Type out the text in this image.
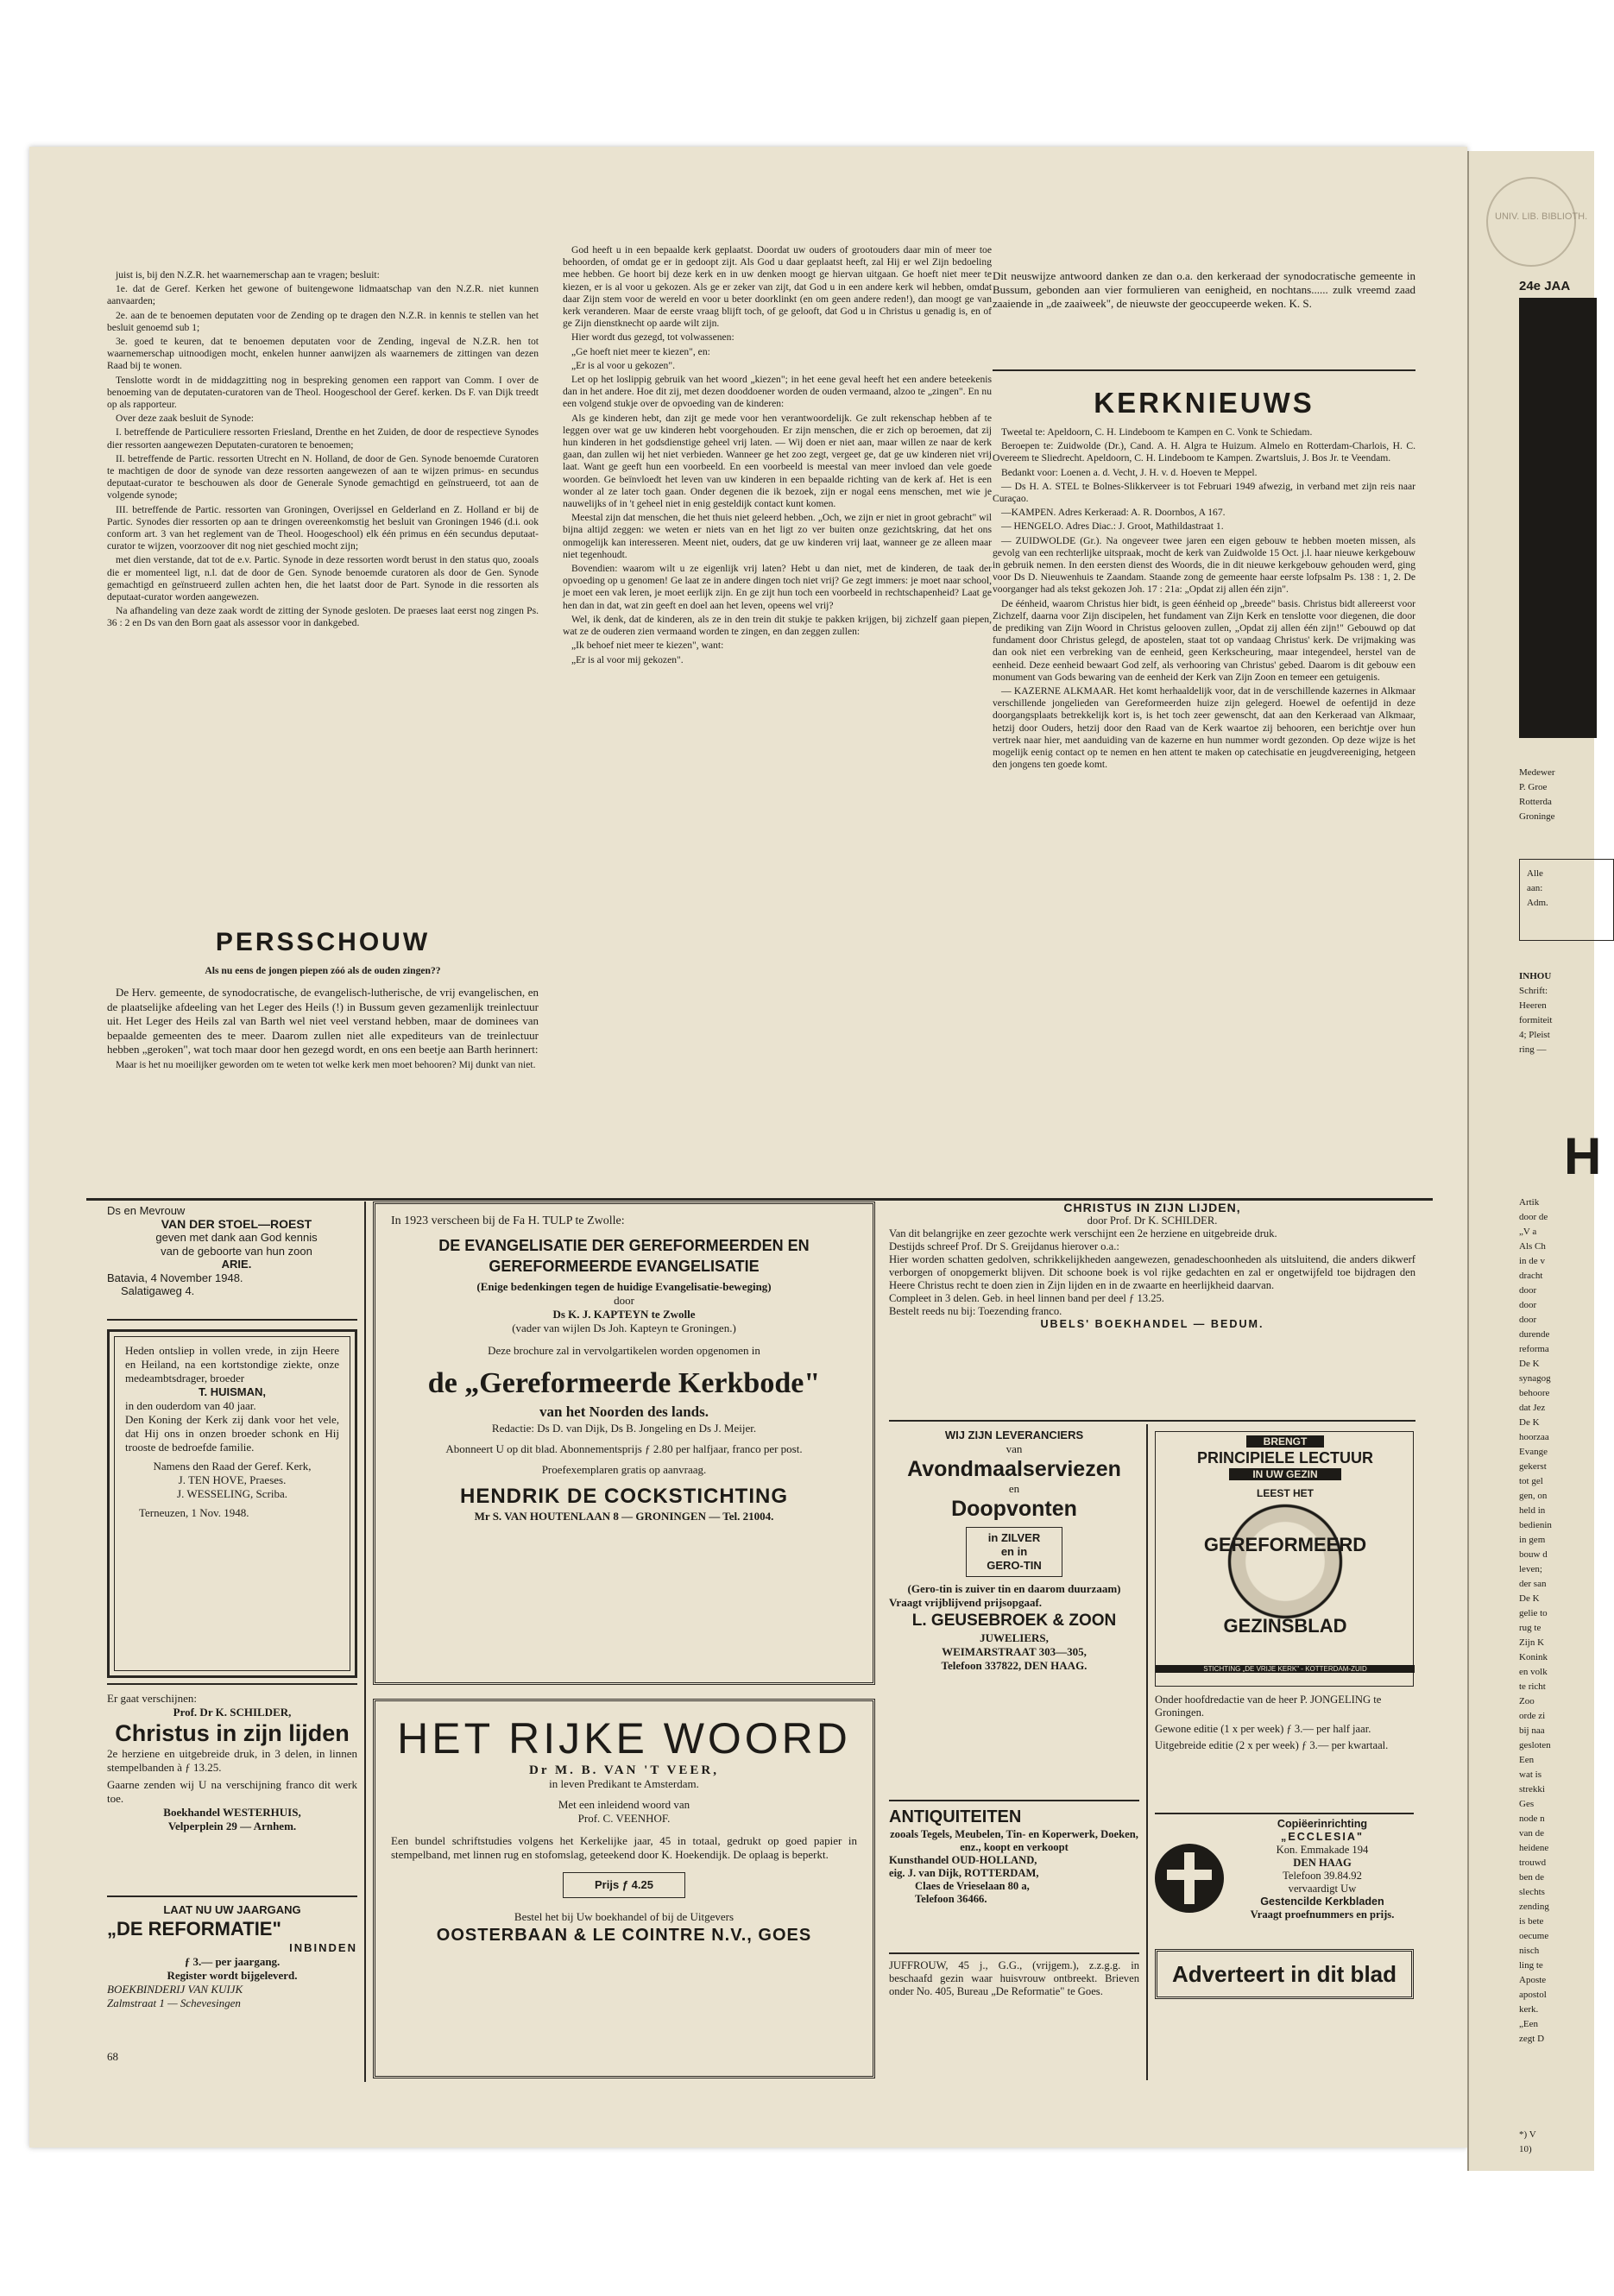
UNIV. LIB. BIBLIOTH.
24e JAA
Medewer
P. Groe
Rotterda
Groninge
Alle
aan:
Adm.
INHOU
Schrift:
Heeren
formiteit
4; Pleist
ring —
H
Artik
door de
„V a
Als Ch
in de v
dracht
door
door
door
durende
reforma
De K
synagog
behoore
dat Jez
De K
hoorzaa
Evange
gekerst
tot gel
gen, on
held in
bedienin
in gem
bouw d
leven;
der san
De K
gelie to
rug te
Zijn K
Konink
en volk
te richt
Zoo
orde zi
bij naa
gesloten
Een
wat is
strekki
Ges
node n
van de
heidene
trouwd
ben de
slechts
zending
is bete
oecume
nisch
ling te
Aposte
apostol
kerk.
„Een
zegt D
*) V
10)

juist is, bij den N.Z.R. het waarnemerschap aan te vragen; besluit:

1e. dat de Geref. Kerken het gewone of buitengewone lidmaatschap van den N.Z.R. niet kunnen aanvaarden;

2e. aan de te benoemen deputaten voor de Zending op te dragen den N.Z.R. in kennis te stellen van het besluit genoemd sub 1;

3e. goed te keuren, dat te benoemen deputaten voor de Zending, ingeval de N.Z.R. hen tot waarnemerschap uitnoodigen mocht, enkelen hunner aanwijzen als waarnemers de zittingen van dezen Raad bij te wonen.

Tenslotte wordt in de middagzitting nog in bespreking genomen een rapport van Comm. I over de benoeming van de deputaten-curatoren van de Theol. Hoogeschool der Geref. kerken. Ds F. van Dijk treedt op als rapporteur.

Over deze zaak besluit de Synode:

I. betreffende de Particuliere ressorten Friesland, Drenthe en het Zuiden, de door de respectieve Synodes dier ressorten aangewezen Deputaten-curatoren te benoemen;

II. betreffende de Partic. ressorten Utrecht en N. Holland, de door de Gen. Synode benoemde Curatoren te machtigen de door de synode van deze ressorten aangewezen of aan te wijzen primus- en secundus deputaat-curator te beschouwen als door de Generale Synode gemachtigd en geïnstrueerd, tot aan de volgende synode;

III. betreffende de Partic. ressorten van Groningen, Overijssel en Gelderland en Z. Holland er bij de Partic. Synodes dier ressorten op aan te dringen overeenkomstig het besluit van Groningen 1946 (d.i. ook conform art. 3 van het reglement van de Theol. Hoogeschool) elk één primus en één secundus deputaat-curator te wijzen, voorzoover dit nog niet geschied mocht zijn;

met dien verstande, dat tot de e.v. Partic. Synode in deze ressorten wordt berust in den status quo, zooals die er momenteel ligt, n.l. dat de door de Gen. Synode benoemde curatoren als door de Gen. Synode gemachtigd en geïnstrueerd zullen achten hen, die het laatst door de Part. Synode in die ressorten als deputaat-curator worden aangewezen.

Na afhandeling van deze zaak wordt de zitting der Synode gesloten. De praeses laat eerst nog zingen Ps. 36 : 2 en Ds van den Born gaat als assessor voor in dankgebed.

PERSSCHOUW
Als nu eens de jongen piepen zóó als de ouden zingen??

De Herv. gemeente, de synodocratische, de evangelisch-lutherische, de vrij evangelischen, en de plaatselijke afdeeling van het Leger des Heils (!) in Bussum geven gezamenlijk treinlectuur uit. Het Leger des Heils zal van Barth wel niet veel verstand hebben, maar de dominees van bepaalde gemeenten des te meer. Daarom zullen niet alle expediteurs van de treinlectuur hebben „geroken", wat toch maar door hen gezegd wordt, en ons een beetje aan Barth herinnert:

Maar is het nu moeilijker geworden om te weten tot welke kerk men moet behooren? Mij dunkt van niet.

God heeft u in een bepaalde kerk geplaatst. Doordat uw ouders of grootouders daar min of meer toe behoorden, of omdat ge er in gedoopt zijt. Als God u daar geplaatst heeft, zal Hij er wel Zijn bedoeling mee hebben. Ge hoort bij deze kerk en in uw denken moogt ge hiervan uitgaan. Ge hoeft niet meer te kiezen, er is al voor u gekozen. Als ge er zeker van zijt, dat God u in een andere kerk wil hebben, omdat daar Zijn stem voor de wereld en voor u beter doorklinkt (en om geen andere reden!), dan moogt ge van kerk veranderen. Maar de eerste vraag blijft toch, of ge gelooft, dat God u in Christus u genadig is, en of ge Zijn dienstknecht op aarde wilt zijn.

Hier wordt dus gezegd, tot volwassenen:

„Ge hoeft niet meer te kiezen", en:

„Er is al voor u gekozen".

Let op het loslippig gebruik van het woord „kiezen"; in het eene geval heeft het een andere beteekenis dan in het andere. Hoe dit zij, met dezen dooddoener worden de ouden vermaand, alzoo te „zingen". En nu een volgend stukje over de opvoeding van de kinderen:

Als ge kinderen hebt, dan zijt ge mede voor hen verantwoordelijk. Ge zult rekenschap hebben af te leggen over wat ge uw kinderen hebt voorgehouden. Er zijn menschen, die er zich op beroemen, dat zij hun kinderen in het godsdienstige geheel vrij laten. — Wij doen er niet aan, maar willen ze naar de kerk gaan, dan zullen wij het niet verbieden. Wanneer ge het zoo zegt, vergeet ge, dat ge uw kinderen niet vrij laat. Want ge geeft hun een voorbeeld. En een voorbeeld is meestal van meer invloed dan vele goede woorden. Ge beïnvloedt het leven van uw kinderen in een bepaalde richting van de kerk af. Het is een wonder al ze later toch gaan. Onder degenen die ik bezoek, zijn er nogal eens menschen, met wie je nauwelijks of in 't geheel niet in enig gesteldijk contact kunt komen.

Meestal zijn dat menschen, die het thuis niet geleerd hebben. „Och, we zijn er niet in groot gebracht" wil bijna altijd zeggen: we weten er niets van en het ligt zo ver buiten onze gezichtskring, dat het ons onmogelijk kan interesseren. Meent niet, ouders, dat ge uw kinderen vrij laat, wanneer ge ze alleen maar niet tegenhoudt.

Bovendien: waarom wilt u ze eigenlijk vrij laten? Hebt u dan niet, met de kinderen, de taak der opvoeding op u genomen! Ge laat ze in andere dingen toch niet vrij? Ge zegt immers: je moet naar school, je moet een vak leren, je moet eerlijk zijn. En ge zijt hun toch een voorbeeld in rechtschapenheid? Laat ge hen dan in dat, wat zin geeft en doel aan het leven, opeens wel vrij?

Wel, ik denk, dat de kinderen, als ze in den trein dit stukje te pakken krijgen, bij zichzelf gaan piepen, wat ze de ouderen zien vermaand worden te zingen, en dan zeggen zullen:

„Ik behoef niet meer te kiezen", want:

„Er is al voor mij gekozen".

Dit neuswijze antwoord danken ze dan o.a. den kerkeraad der synodocratische gemeente in Bussum, gebonden aan vier formulieren van eenigheid, en nochtans...... zulk vreemd zaad zaaiende in „de zaaiweek", de nieuwste der geoccupeerde weken. K. S.
KERKNIEUWS

Tweetal te: Apeldoorn, C. H. Lindeboom te Kampen en C. Vonk te Schiedam.

Beroepen te: Zuidwolde (Dr.), Cand. A. H. Algra te Huizum. Almelo en Rotterdam-Charlois, H. C. Overeem te Sliedrecht. Apeldoorn, C. H. Lindeboom te Kampen. Zwartsluis, J. Bos Jr. te Veendam.

Bedankt voor: Loenen a. d. Vecht, J. H. v. d. Hoeven te Meppel.

— Ds H. A. STEL te Bolnes-Slikkerveer is tot Februari 1949 afwezig, in verband met zijn reis naar Curaçao.

—KAMPEN. Adres Kerkeraad: A. R. Doornbos, A 167.

— HENGELO. Adres Diac.: J. Groot, Mathildastraat 1.

— ZUIDWOLDE (Gr.). Na ongeveer twee jaren een eigen gebouw te hebben moeten missen, als gevolg van een rechterlijke uitspraak, mocht de kerk van Zuidwolde 15 Oct. j.l. haar nieuwe kerkgebouw in gebruik nemen. In den eersten dienst des Woords, die in dit nieuwe kerkgebouw gehouden werd, ging voor Ds D. Nieuwenhuis te Zaandam. Staande zong de gemeente haar eerste lofpsalm Ps. 138 : 1, 2. De voorganger had als tekst gekozen Joh. 17 : 21a: „Opdat zij allen één zijn".

De éénheid, waarom Christus hier bidt, is geen éénheid op „breede" basis. Christus bidt allereerst voor Zichzelf, daarna voor Zijn discipelen, het fundament van Zijn Kerk en tenslotte voor diegenen, die door de prediking van Zijn Woord in Christus gelooven zullen, „Opdat zij allen één zijn!" Gebouwd op dat fundament door Christus gelegd, de apostelen, staat tot op vandaag Christus' kerk. De vrijmaking was dan ook niet een verbreking van de eenheid, geen Kerkscheuring, maar integendeel, herstel van de eenheid. Deze eenheid bewaart God zelf, als verhooring van Christus' gebed. Daarom is dit gebouw een monument van Gods bewaring van de eenheid der Kerk van Zijn Zoon en temeer een getuigenis.

— KAZERNE ALKMAAR. Het komt herhaaldelijk voor, dat in de verschillende kazernes in Alkmaar verschillende jongelieden van Gereformeerden huize zijn gelegerd. Hoewel de oefentijd in deze doorgangsplaats betrekkelijk kort is, is het toch zeer gewenscht, dat aan den Kerkeraad van Alkmaar, hetzij door Ouders, hetzij door den Raad van de Kerk waartoe zij behooren, een berichtje over hun vertrek naar hier, met aanduiding van de kazerne en hun nummer wordt gezonden. Op deze wijze is het mogelijk eenig contact op te nemen en hen attent te maken op catechisatie en jeugdvereeniging, hetgeen den jongens ten goede komt.

Ds en Mevrouw
VAN DER STOEL—ROEST
geven met dank aan God kennis
van de geboorte van hun zoon
ARIE.
Batavia, 4 November 1948.
Salatigaweg 4.
Heden ontsliep in vollen vrede, in zijn Heere en Heiland, na een kortstondige ziekte, onze medeambtsdrager, broeder
T. HUISMAN,
in den ouderdom van 40 jaar.
Den Koning der Kerk zij dank voor het vele, dat Hij ons in onzen broeder schonk en Hij trooste de bedroefde familie.
Namens den Raad der Geref. Kerk,
J. TEN HOVE, Praeses.
J. WESSELING, Scriba.
Terneuzen, 1 Nov. 1948.
Er gaat verschijnen:
Prof. Dr K. SCHILDER,
Christus in zijn lijden
2e herziene en uitgebreide druk, in 3 delen, in linnen stempelbanden à ƒ 13.25.
Gaarne zenden wij U na verschijning franco dit werk toe.
Boekhandel WESTERHUIS,
Velperplein 29 — Arnhem.
LAAT NU UW JAARGANG
„DE REFORMATIE"
INBINDEN
ƒ 3.— per jaargang.
Register wordt bijgeleverd.
BOEKBINDERIJ VAN KUIJK
Zalmstraat 1 — Schevesingen
68
In 1923 verscheen bij de Fa H. TULP te Zwolle:
DE EVANGELISATIE DER GEREFORMEERDEN EN GEREFORMEERDE EVANGELISATIE
(Enige bedenkingen tegen de huidige Evangelisatie-beweging)
door
Ds K. J. KAPTEYN te Zwolle
(vader van wijlen Ds Joh. Kapteyn te Groningen.)
Deze brochure zal in vervolgartikelen worden opgenomen in
de „Gereformeerde Kerkbode"
van het Noorden des lands.
Redactie: Ds D. van Dijk, Ds B. Jongeling en Ds J. Meijer.
Abonneert U op dit blad. Abonnementsprijs ƒ 2.80 per halfjaar, franco per post.
Proefexemplaren gratis op aanvraag.
HENDRIK DE COCKSTICHTING
Mr S. VAN HOUTENLAAN 8 — GRONINGEN — Tel. 21004.
HET RIJKE WOORD
Dr M. B. VAN 'T VEER,
in leven Predikant te Amsterdam.
Met een inleidend woord van
Prof. C. VEENHOF.
Een bundel schriftstudies volgens het Kerkelijke jaar, 45 in totaal, gedrukt op goed papier in stempelband, met linnen rug en stofomslag, geteekend door K. Hoekendijk. De oplaag is beperkt.
Prijs ƒ 4.25
Bestel het bij Uw boekhandel of bij de Uitgevers
OOSTERBAAN & LE COINTRE N.V., GOES
CHRISTUS IN ZIJN LIJDEN,
door Prof. Dr K. SCHILDER.
Van dit belangrijke en zeer gezochte werk verschijnt een 2e herziene en uitgebreide druk.
Destijds schreef Prof. Dr S. Greijdanus hierover o.a.:
Hier worden schatten gedolven, schrikkelijkheden aangewezen, genadeschoonheden als uitsluitend, die anders dikwerf verborgen of onopgemerkt blijven. Dit schoone boek is vol rijke gedachten en zal er ongetwijfeld toe bijdragen den Heere Christus recht te doen zien in Zijn lijden en in de zwaarte en heerlijkheid daarvan.
Compleet in 3 delen. Geb. in heel linnen band per deel ƒ 13.25.
Bestelt reeds nu bij: Toezending franco.
UBELS' BOEKHANDEL — BEDUM.
WIJ ZIJN LEVERANCIERS
van
Avondmaalserviezen
en
Doopvonten
in ZILVER
en in
GERO-TIN
(Gero-tin is zuiver tin en daarom duurzaam)
Vraagt vrijblijvend prijsopgaaf.
L. GEUSEBROEK & ZOON
JUWELIERS,
WEIMARSTRAAT 303—305,
Telefoon 337822, DEN HAAG.
ANTIQUITEITEN
zooals Tegels, Meubelen, Tin- en Koperwerk, Doeken, enz., koopt en verkoopt
Kunsthandel OUD-HOLLAND,
eig. J. van Dijk, ROTTERDAM,
Claes de Vrieselaan 80 a,
Telefoon 36466.
JUFFROUW, 45 j., G.G., (vrijgem.), z.z.g.g. in beschaafd gezin waar huisvrouw ontbreekt. Brieven onder No. 405, Bureau „De Reformatie" te Goes.
BRENGT
PRINCIPIELE LECTUUR
IN UW GEZIN
LEEST HET
GEREFORMEERD
GEZINSBLAD
STICHTING „DE VRIJE KERK" - KOTTERDAM-ZUID
Onder hoofdredactie van de heer P. JONGELING te Groningen.
Gewone editie (1 x per week) ƒ 3.— per half jaar.
Uitgebreide editie (2 x per week) ƒ 3.— per kwartaal.
Copiëerinrichting
„ECCLESIA"
Kon. Emmakade 194
DEN HAAG
Telefoon 39.84.92
vervaardigt Uw
Gestencilde Kerkbladen
Vraagt proefnummers en prijs.
Adverteert in dit blad
